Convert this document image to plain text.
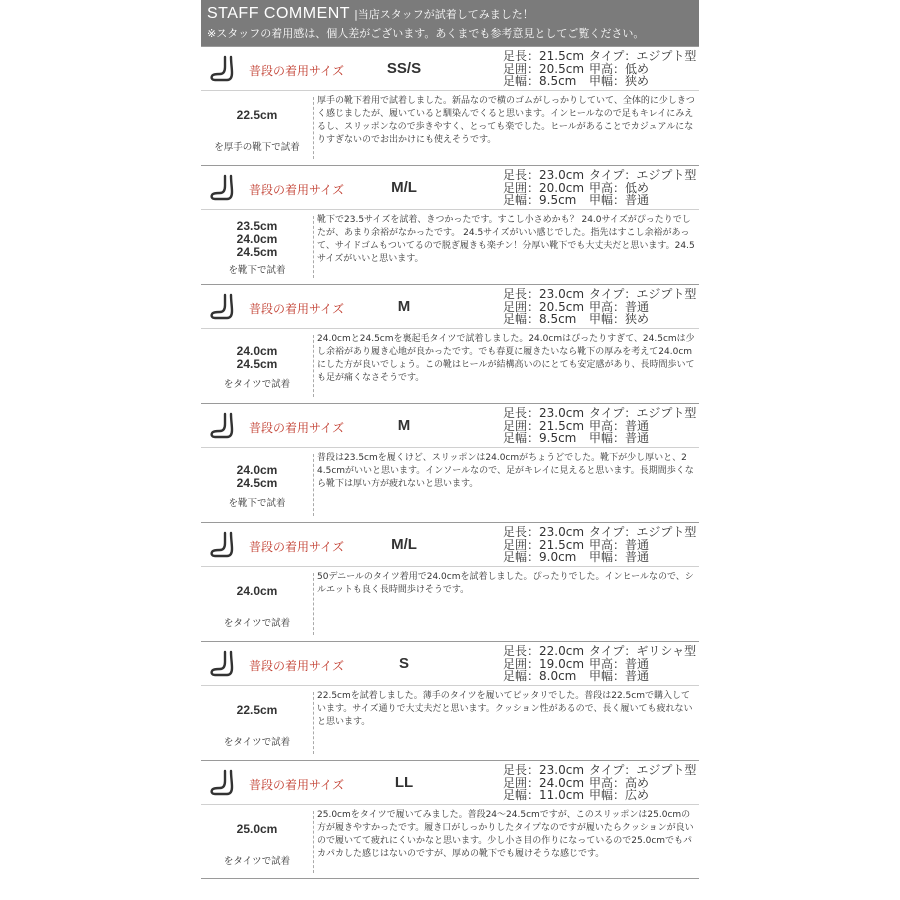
STAFF COMMENT |当店スタッフが試着してみました！
※スタッフの着用感は、個人差がございます。あくまでも参考意見としてご覧ください。
普段の着用サイズ	SS/S
足長：21.5cm タイプ：エジプト型
足囲：20.5cm 甲高：低め
足幅：8.5cm	甲幅：狭め
22.5cm
を厚手の靴下で試着
厚手の靴下着用で試着しました。新品なので横のゴムがしっかりしていて、全体的に少しきつく感じましたが、履いていると馴染んでくると思います。インヒールなので足もキレイにみえるし、スリッポンなので歩きやすく、とっても楽でした。ヒールがあることでカジュアルになりすぎないのでお出かけにも使えそうです。
普段の着用サイズ	M/L
足長：23.0cm タイプ：エジプト型
足囲：20.0cm 甲高：低め
足幅：9.5cm	甲幅：普通
23.5cm
24.0cm
24.5cm
を靴下で試着
靴下で23.5サイズを試着、きつかったです。すこし小さめかも？ 24.0サイズがぴったりでしたが、あまり余裕がなかったです。 24.5サイズがいい感じでした。指先はすこし余裕があって、サイドゴムもついてるので脱ぎ履きも楽チン！分厚い靴下でも大丈夫だと思います。24.5サイズがいいと思います。
普段の着用サイズ	M
足長：23.0cm タイプ：エジプト型
足囲：20.5cm 甲高：普通
足幅：8.5cm	甲幅：狭め
24.0cm
24.5cm
をタイツで試着
24.0cmと24.5cmを裏起毛タイツで試着しました。24.0cmはぴったりすぎて、24.5cmは少し余裕があり履き心地が良かったです。でも春夏に履きたいなら靴下の厚みを考えて24.0cmにした方が良いでしょう。この靴はヒールが結構高いのにとても安定感があり、長時間歩いても足が痛くなさそうです。
普段の着用サイズ	M
足長：23.0cm タイプ：エジプト型
足囲：21.5cm 甲高：普通
足幅：9.5cm	甲幅：普通
24.0cm
24.5cm
を靴下で試着
普段は23.5cmを履くけど、スリッポンは24.0cmがちょうどでした。靴下が少し厚いと、24.5cmがいいと思います。インソールなので、足がキレイに見えると思います。長期間歩くなら靴下は厚い方が疲れないと思います。
普段の着用サイズ	M/L
足長：23.0cm タイプ：エジプト型
足囲：21.5cm 甲高：普通
足幅：9.0cm	甲幅：普通
24.0cm
をタイツで試着
50デニールのタイツ着用で24.0cmを試着しました。ぴったりでした。インヒールなので、シルエットも良く長時間歩けそうです。
普段の着用サイズ	S
足長：22.0cm タイプ：ギリシャ型
足囲：19.0cm 甲高：普通
足幅：8.0cm	甲幅：普通
22.5cm
をタイツで試着
22.5cmを試着しました。薄手のタイツを履いてピッタリでした。普段は22.5cmで購入しています。サイズ通りで大丈夫だと思います。クッション性があるので、長く履いても疲れないと思います。
普段の着用サイズ	LL
足長：23.0cm タイプ：エジプト型
足囲：24.0cm 甲高：高め
足幅：11.0cm 甲幅：広め
25.0cm
をタイツで試着
25.0cmをタイツで履いてみました。普段24〜24.5cmですが、このスリッポンは25.0cmの方が履きやすかったです。履き口がしっかりしたタイプなのですが履いたらクッションが良いので履いてて疲れにくいかなと思います。少し小さ目の作りになっているので25.0cmでもパカパカした感じはないのですが、厚めの靴下でも履けそうな感じです。
